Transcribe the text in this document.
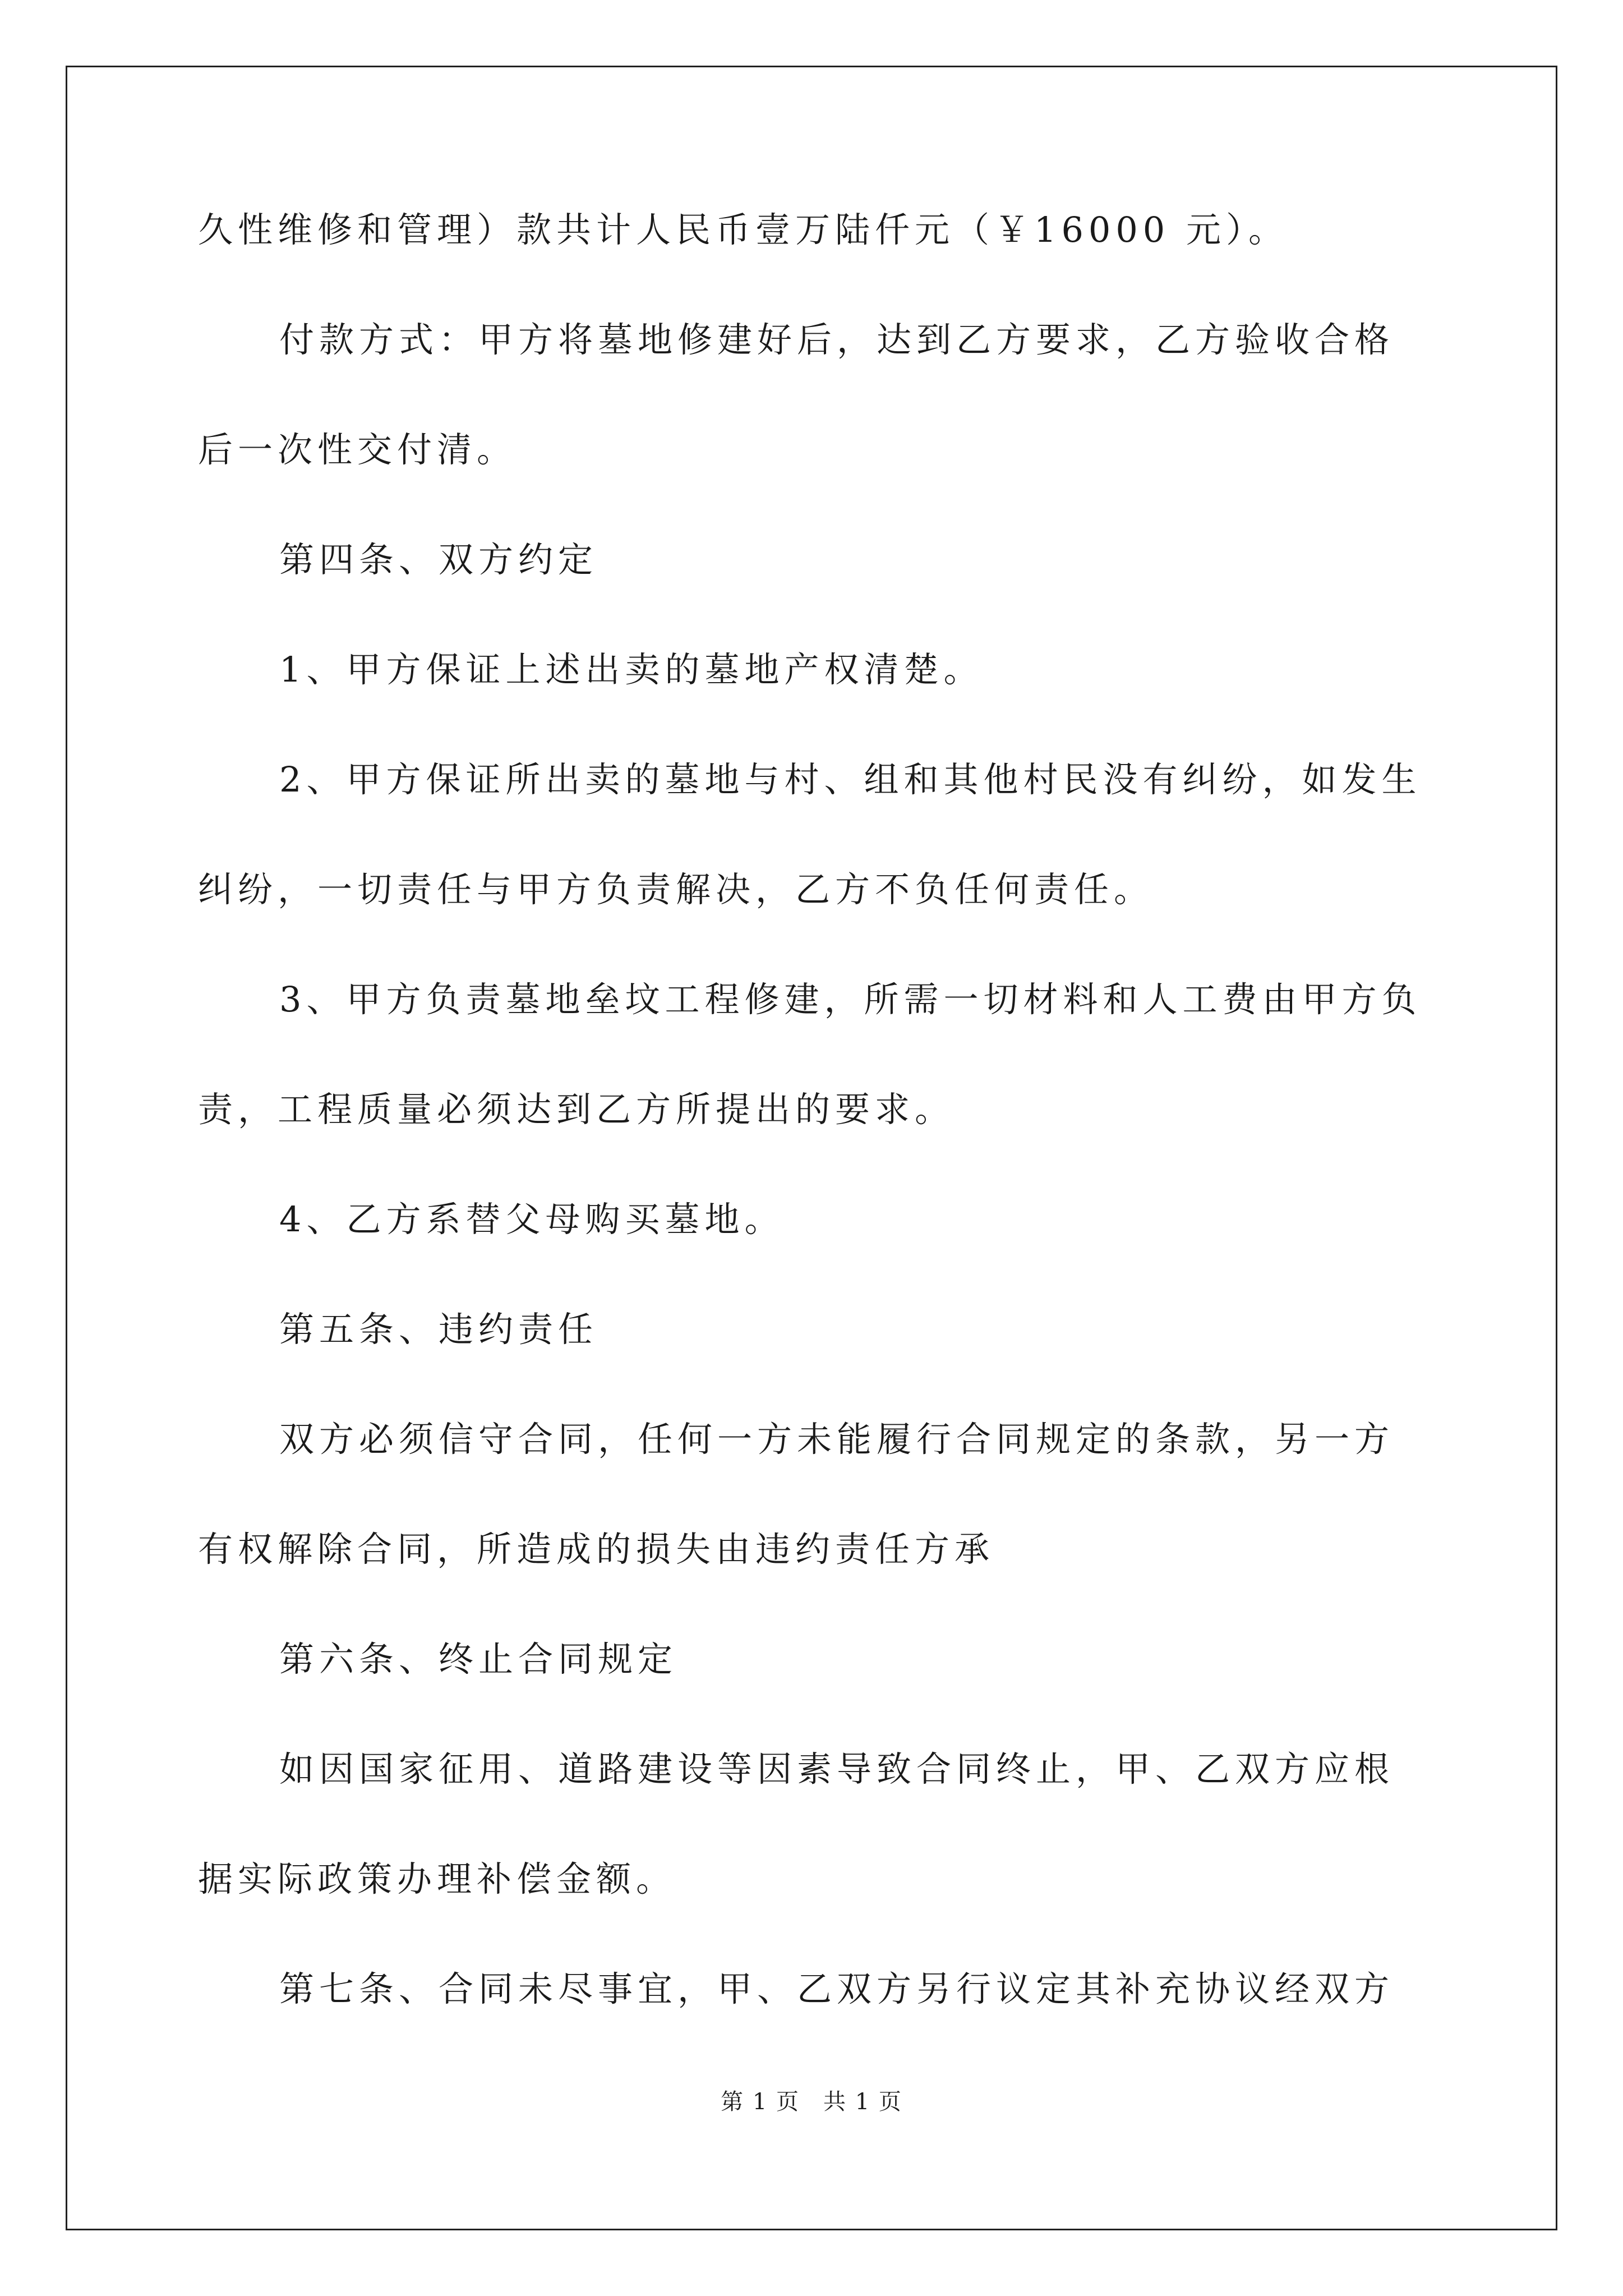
久性维修和管理）款共计人民币壹万陆仟元（￥16000 元）。
付款方式：甲方将墓地修建好后，达到乙方要求，乙方验收合格
后一次性交付清。
第四条、双方约定
1、甲方保证上述出卖的墓地产权清楚。
2、甲方保证所出卖的墓地与村、组和其他村民没有纠纷，如发生
纠纷，一切责任与甲方负责解决，乙方不负任何责任。
3、甲方负责墓地垒坟工程修建，所需一切材料和人工费由甲方负
责，工程质量必须达到乙方所提出的要求。
4、乙方系替父母购买墓地。
第五条、违约责任
双方必须信守合同，任何一方未能履行合同规定的条款，另一方
有权解除合同，所造成的损失由违约责任方承
第六条、终止合同规定
如因国家征用、道路建设等因素导致合同终止，甲、乙双方应根
据实际政策办理补偿金额。
第七条、合同未尽事宜，甲、乙双方另行议定其补充协议经双方
第 1 页　共 1 页
